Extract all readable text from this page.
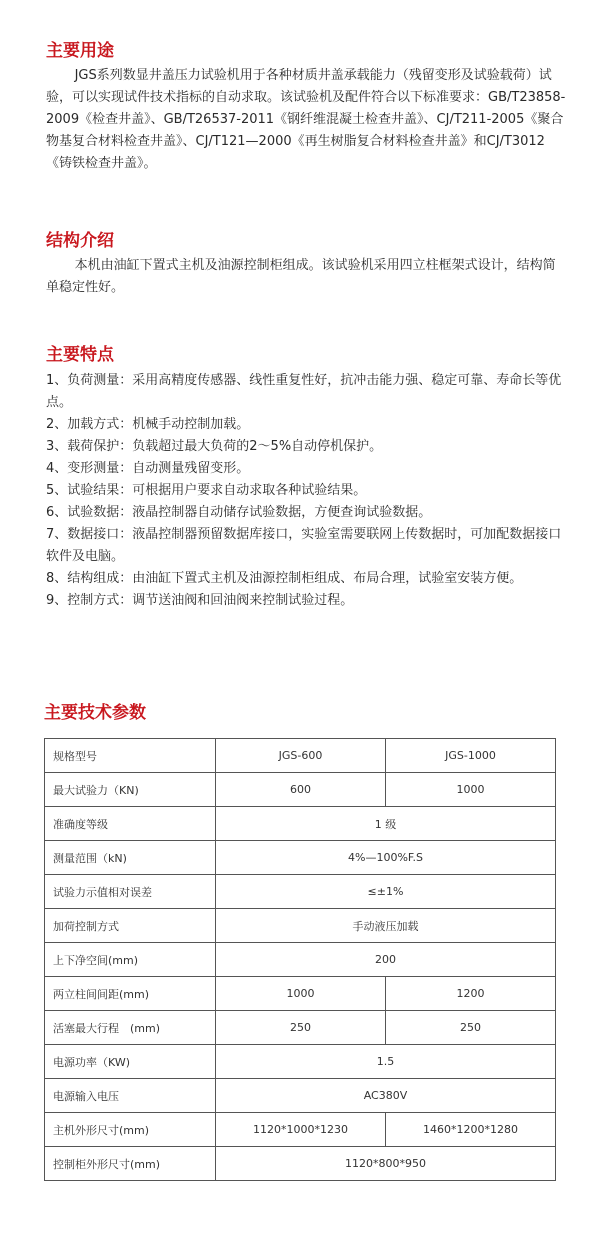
主要用途

JGS系列数显井盖压力试验机用于各种材质井盖承载能力（残留变形及试验载荷）试验，可以实现试件技术指标的自动求取。该试验机及配件符合以下标准要求：GB/T23858-2009《检查井盖》、GB/T26537-2011《钢纤维混凝土检查井盖》、CJ/T211-2005《聚合物基复合材料检查井盖》、CJ/T121—2000《再生树脂复合材料检查井盖》和CJ/T3012《铸铁检查井盖》。

结构介绍

本机由油缸下置式主机及油源控制柜组成。该试验机采用四立柱框架式设计，结构简单稳定性好。

主要特点
1、负荷测量：采用高精度传感器、线性重复性好，抗冲击能力强、稳定可靠、寿命长等优点。
2、加载方式：机械手动控制加载。
3、载荷保护：负载超过最大负荷的2～5%自动停机保护。
4、变形测量：自动测量残留变形。
5、试验结果：可根据用户要求自动求取各种试验结果。
6、试验数据：液晶控制器自动储存试验数据，方便查询试验数据。
7、数据接口：液晶控制器预留数据库接口，实验室需要联网上传数据时，可加配数据接口软件及电脑。
8、结构组成：由油缸下置式主机及油源控制柜组成、布局合理，试验室安装方便。
9、控制方式：调节送油阀和回油阀来控制试验过程。
主要技术参数
规格型号	JGS-600	JGS-1000
最大试验力（KN)	600	1000
准确度等级	1 级	
测量范围（kN)	4%—100%F.S	
试验力示值相对误差	≤±1%	
加荷控制方式	手动液压加载	
上下净空间(mm)	200	
两立柱间间距(mm)	1000	1200
活塞最大行程　(mm)	250	250
电源功率（KW)	1.5	
电源输入电压	AC380V	
主机外形尺寸(mm)	1120*1000*1230	1460*1200*1280
控制柜外形尺寸(mm)	1120*800*950	
